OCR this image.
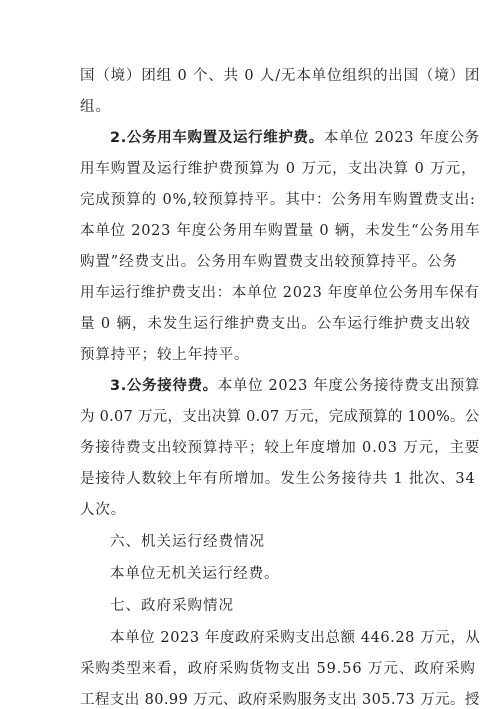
国（境）团组 0 个、共 0 人/无本单位组织的出国（境）团
组。
2.公务用车购置及运行维护费。本单位 2023 年度公务
用车购置及运行维护费预算为 0 万元，支出决算 0 万元，
完成预算的 0%,较预算持平。其中：公务用车购置费支出:
本单位 2023 年度公务用车购置量 0 辆，未发生“公务用车
购置”经费支出。公务用车购置费支出较预算持平。公务
用车运行维护费支出：本单位 2023 年度单位公务用车保有
量 0 辆，未发生运行维护费支出。公车运行维护费支出较
预算持平；较上年持平。
3.公务接待费。本单位 2023 年度公务接待费支出预算
为 0.07 万元，支出决算 0.07 万元，完成预算的 100%。公
务接待费支出较预算持平；较上年度增加 0.03 万元，主要
是接待人数较上年有所增加。发生公务接待共 1 批次、34
人次。
六、机关运行经费情况
本单位无机关运行经费。
七、政府采购情况
本单位 2023 年度政府采购支出总额 446.28 万元，从
采购类型来看，政府采购货物支出 59.56 万元、政府采购
工程支出 80.99 万元、政府采购服务支出 305.73 万元。授
